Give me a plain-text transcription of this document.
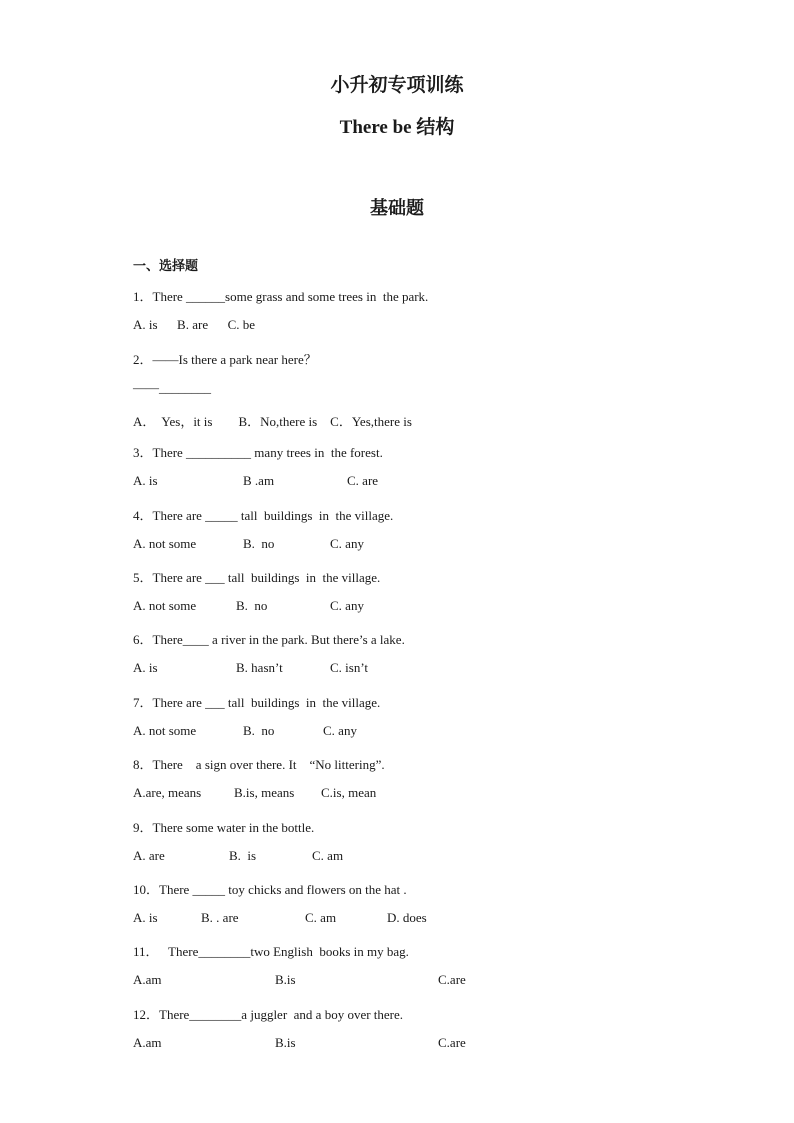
小升初专项训练
There be 结构
基础题
一、选择题
1．There ______some grass and some trees in  the park.
A. is      B. are      C. be
2．——Is there a park near here？
——________
A．  Yes，it is        B．No,there is    C．Yes,there is
3．There __________ many trees in  the forest.
A. is	B .am	C. are
4．There are _____ tall  buildings  in  the village.
A. not some	B.  no	C. any
5．There are ___ tall  buildings  in  the village.
A. not some	B.  no	C. any
6．There____ a river in the park. But there’s a lake.
A. is	B. hasn’t	C. isn’t
7．There are ___ tall  buildings  in  the village.
A. not some	B.  no	C. any
8．There    a sign over there. It    “No littering”.
A.are, means	B.is, means C.is, mean
9．There some water in the bottle.
A. are	B.  is	C. am
10．There _____ toy chicks and flowers on the hat .
A. is	B. . are	C. am	D. does
11．   There________two English  books in my bag.
A.am	B.is	C.are
12．There________a juggler  and a boy over there.
A.am	B.is	C.are
